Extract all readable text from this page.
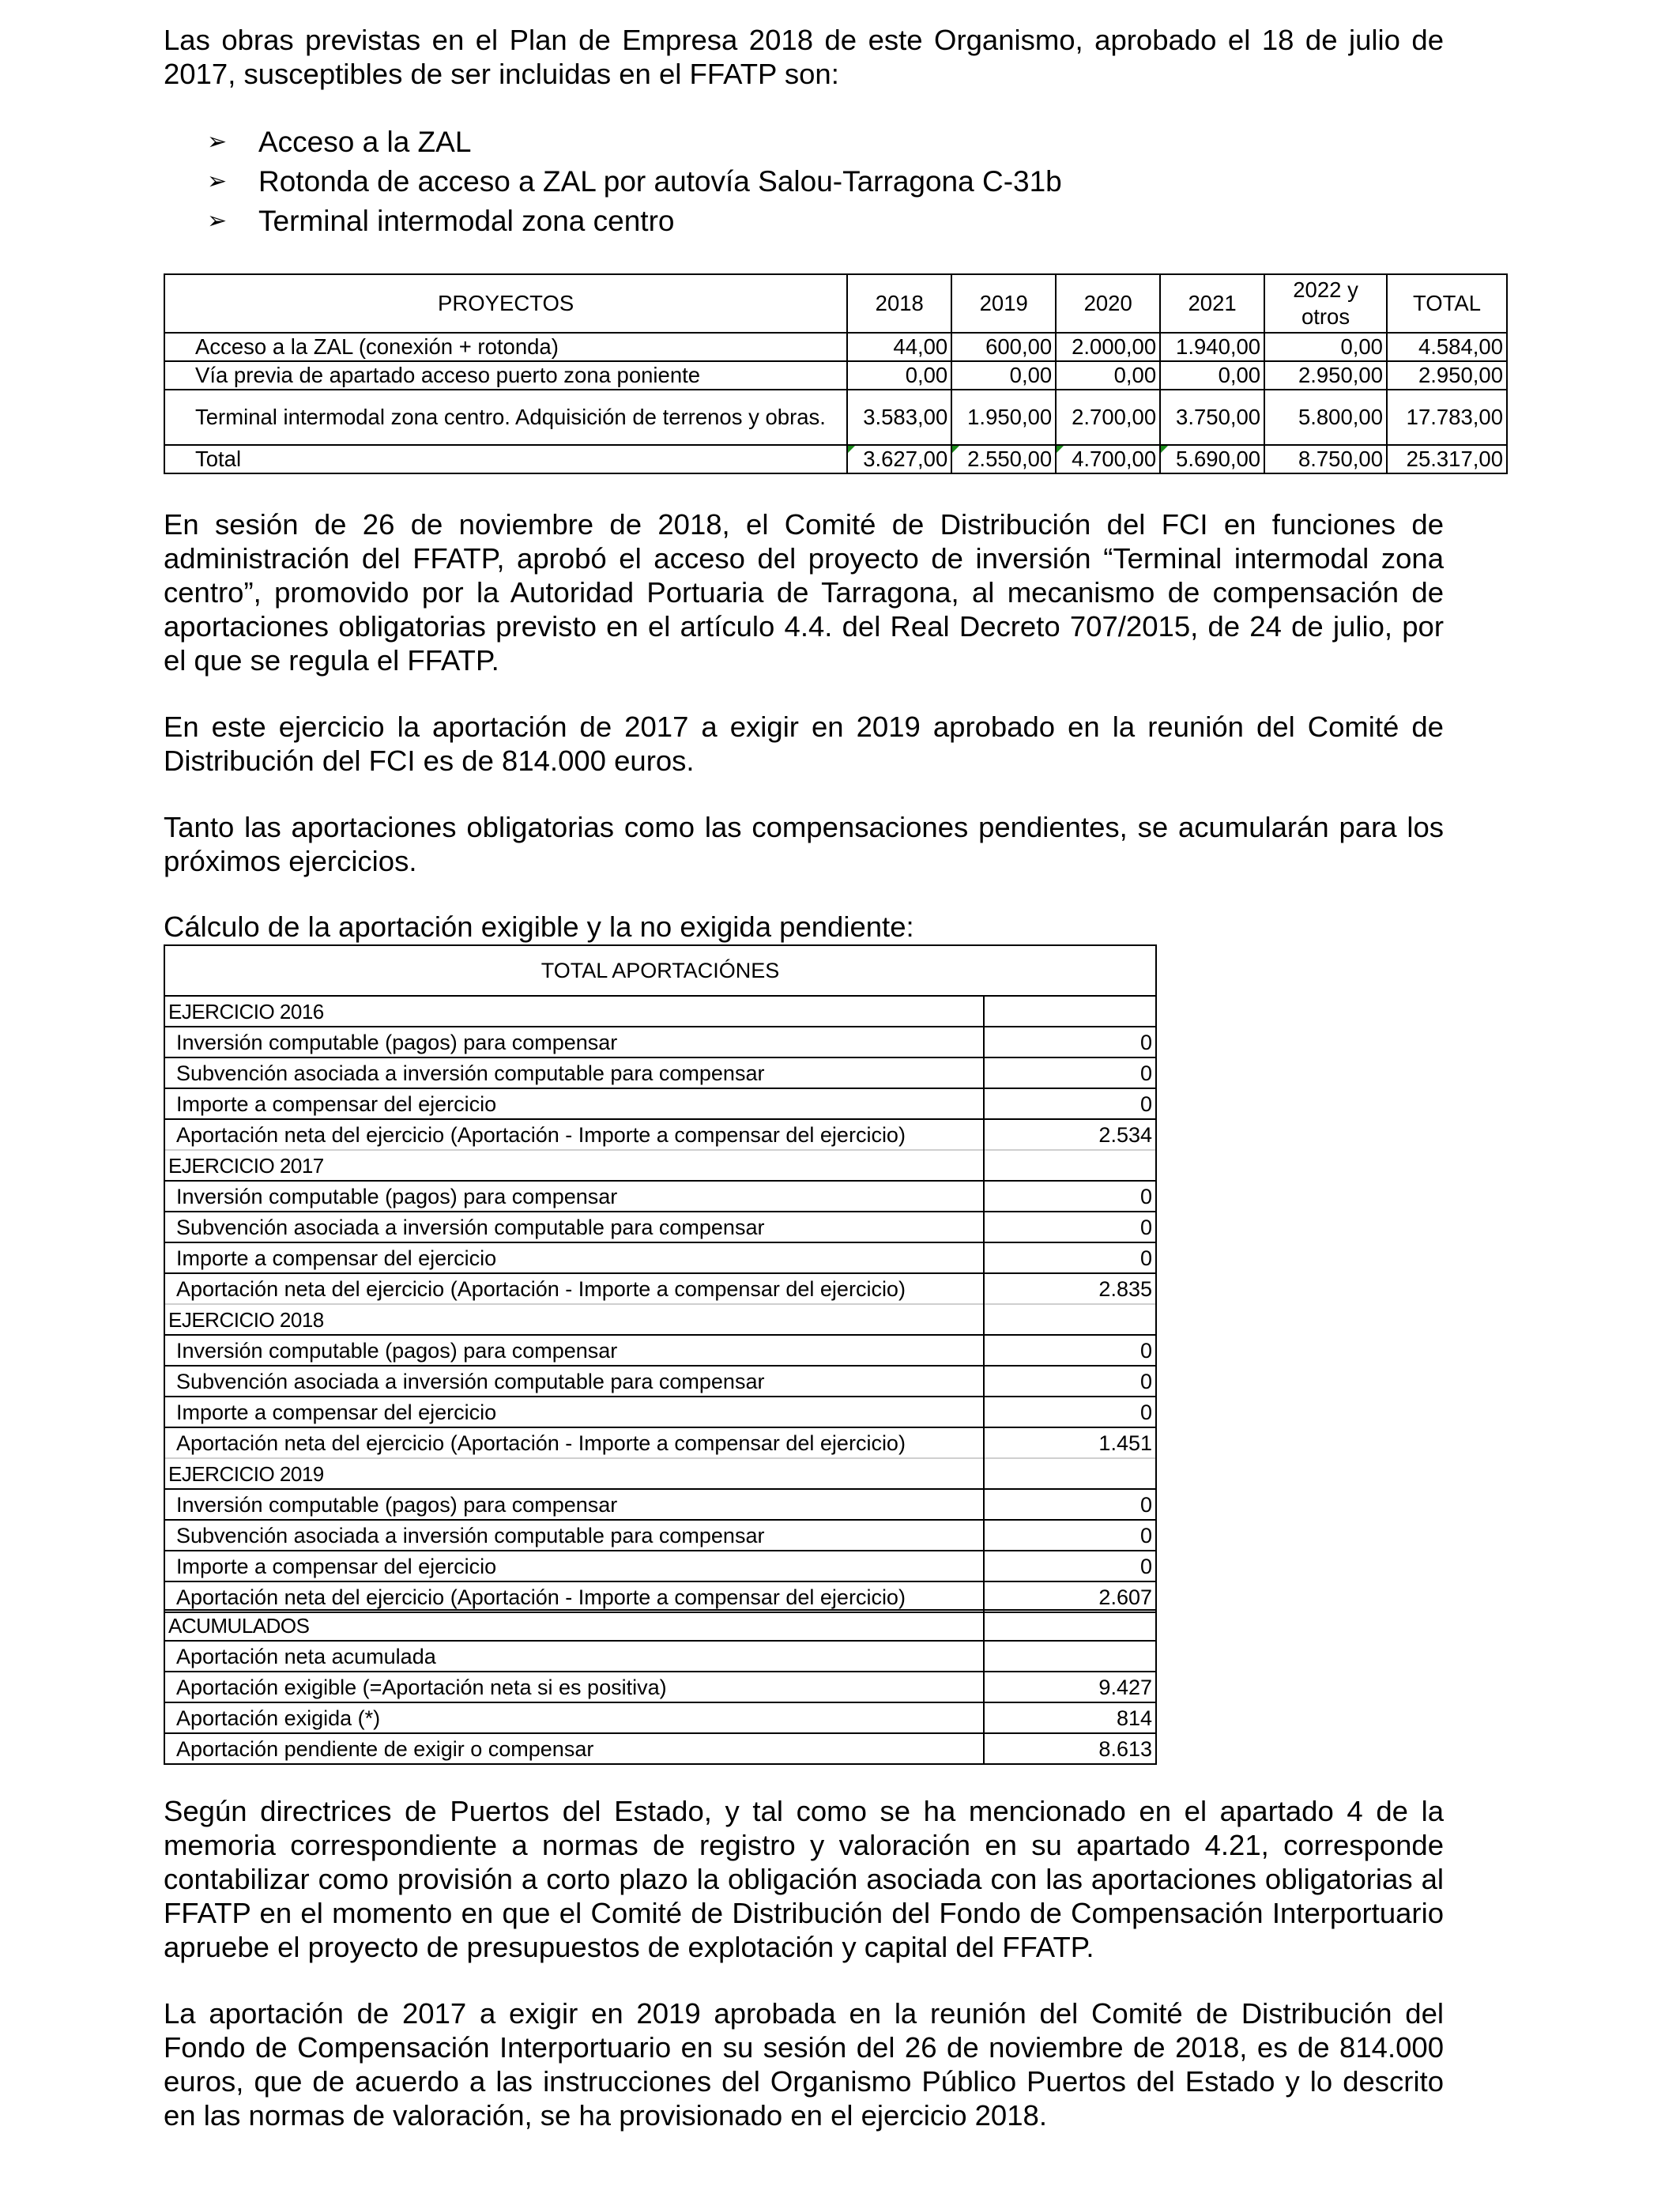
Las obras previstas en el Plan de Empresa 2018 de este Organismo, aprobado el 18 de julio de 2017, susceptibles de ser incluidas en el FFATP son:

➢ Acceso a la ZAL
➢ Rotonda de acceso a ZAL por autovía Salou-Tarragona C-31b
➢ Terminal intermodal zona centro
PROYECTOS	2018	2019	2020	2021	2022 y otros	TOTAL
Acceso a la ZAL (conexión + rotonda)	44,00	600,00	2.000,00	1.940,00	0,00	4.584,00
Vía previa de apartado acceso puerto zona poniente	0,00	0,00	0,00	0,00	2.950,00	2.950,00
Terminal intermodal zona centro. Adquisición de terrenos y obras.	3.583,00	1.950,00	2.700,00	3.750,00	5.800,00	17.783,00
Total	3.627,00	2.550,00	4.700,00	5.690,00	8.750,00	25.317,00

En sesión de 26 de noviembre de 2018, el Comité de Distribución del FCI en funciones de administración del FFATP, aprobó el acceso del proyecto de inversión “Terminal intermodal zona centro”, promovido por la Autoridad Portuaria de Tarragona, al mecanismo de compensación de aportaciones obligatorias previsto en el artículo 4.4. del Real Decreto 707/2015, de 24 de julio, por el que se regula el FFATP.

En este ejercicio la aportación de 2017 a exigir en 2019 aprobado en la reunión del Comité de Distribución del FCI es de 814.000 euros.

Tanto las aportaciones obligatorias como las compensaciones pendientes, se acumularán para los próximos ejercicios.

Cálculo de la aportación exigible y la no exigida pendiente:

TOTAL APORTACIÓNES	
EJERCICIO 2016	
Inversión computable (pagos) para compensar	0
Subvención asociada a inversión computable para compensar	0
Importe a compensar del ejercicio	0
Aportación neta del ejercicio (Aportación - Importe a compensar del ejercicio)	2.534
EJERCICIO 2017	
Inversión computable (pagos) para compensar	0
Subvención asociada a inversión computable para compensar	0
Importe a compensar del ejercicio	0
Aportación neta del ejercicio (Aportación - Importe a compensar del ejercicio)	2.835
EJERCICIO 2018	
Inversión computable (pagos) para compensar	0
Subvención asociada a inversión computable para compensar	0
Importe a compensar del ejercicio	0
Aportación neta del ejercicio (Aportación - Importe a compensar del ejercicio)	1.451
EJERCICIO 2019	
Inversión computable (pagos) para compensar	0
Subvención asociada a inversión computable para compensar	0
Importe a compensar del ejercicio	0
Aportación neta del ejercicio (Aportación - Importe a compensar del ejercicio)	2.607
ACUMULADOS	
Aportación neta acumulada	
Aportación exigible (=Aportación neta si es positiva)	9.427
Aportación exigida (*)	814
Aportación pendiente de exigir o compensar	8.613

Según directrices de Puertos del Estado, y tal como se ha mencionado en el apartado 4 de la memoria correspondiente a normas de registro y valoración en su apartado 4.21, corresponde contabilizar como provisión a corto plazo la obligación asociada con las aportaciones obligatorias al FFATP en el momento en que el Comité de Distribución del Fondo de Compensación Interportuario apruebe el proyecto de presupuestos de explotación y capital del FFATP.

La aportación de 2017 a exigir en 2019 aprobada en la reunión del Comité de Distribución del Fondo de Compensación Interportuario en su sesión del 26 de noviembre de 2018, es de 814.000 euros, que de acuerdo a las instrucciones del Organismo Público Puertos del Estado y lo descrito en las normas de valoración, se ha provisionado en el ejercicio 2018.
